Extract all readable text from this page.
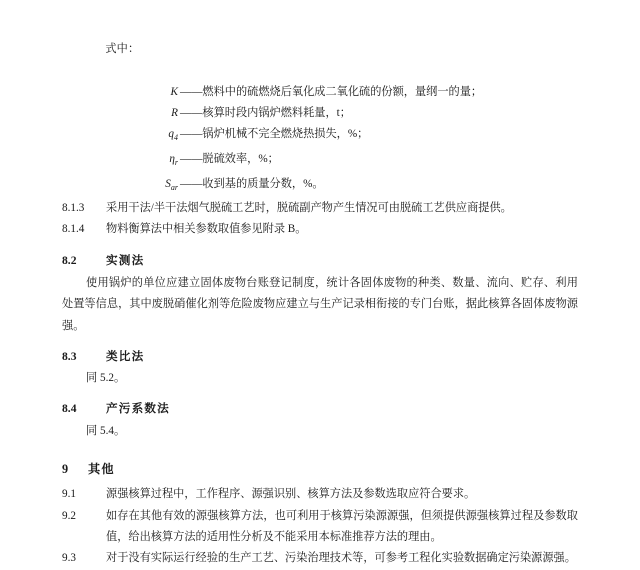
式中：

K ——燃料中的硫燃烧后氧化成二氧化硫的份额，量纲一的量；
R ——核算时段内锅炉燃料耗量，t；
$q_4$ ——锅炉机械不完全燃烧热损失，%；
$\eta_r$ ——脱硫效率，%；
$S_{ar}$ ——收到基的质量分数，%。
8.1.3	采用干法/半干法烟气脱硫工艺时，脱硫副产物产生情况可由脱硫工艺供应商提供。
8.1.4	物料衡算法中相关参数取值参见附录 B。
8.2	实测法
使用锅炉的单位应建立固体废物台账登记制度，统计各固体废物的种类、数量、流向、贮存、利用处置等信息，其中废脱硝催化剂等危险废物应建立与生产记录相衔接的专门台账，据此核算各固体废物源强。
8.3	类比法
同 5.2。
8.4	产污系数法
同 5.4。
9	其他
9.1	源强核算过程中，工作程序、源强识别、核算方法及参数选取应符合要求。
9.2	如存在其他有效的源强核算方法，也可利用于核算污染源源强，但须提供源强核算过程及参数取值，给出核算方法的适用性分析及不能采用本标准推荐方法的理由。
9.3	对于没有实际运行经验的生产工艺、污染治理技术等，可参考工程化实验数据确定污染源源强。
